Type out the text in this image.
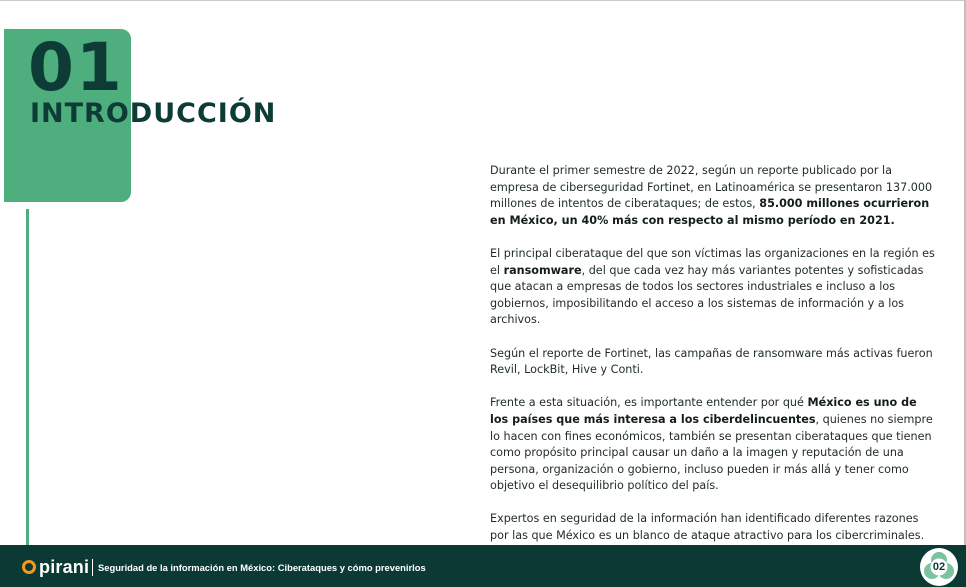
01
INTRODUCCIÓN

Durante el primer semestre de 2022, según un reporte publicado por la empresa de ciberseguridad Fortinet, en Latinoamérica se presentaron 137.000 millones de intentos de ciberataques; de estos, 85.000 millones ocurrieron en México, un 40% más con respecto al mismo período en 2021.

El principal ciberataque del que son víctimas las organizaciones en la región es el ransomware, del que cada vez hay más variantes potentes y sofisticadas que atacan a empresas de todos los sectores industriales e incluso a los gobiernos, imposibilitando el acceso a los sistemas de información y a los archivos.

Según el reporte de Fortinet, las campañas de ransomware más activas fueron Revil, LockBit, Hive y Conti.

Frente a esta situación, es importante entender por qué México es uno de los países que más interesa a los ciberdelincuentes, quienes no siempre lo hacen con fines económicos, también se presentan ciberataques que tienen como propósito principal causar un daño a la imagen y reputación de una persona, organización o gobierno, incluso pueden ir más allá y tener como objetivo el desequilibrio político del país.

Expertos en seguridad de la información han identificado diferentes razones por las que México es un blanco de ataque atractivo para los cibercriminales.

pirani Seguridad de la información en México: Ciberataques y cómo prevenirlos	02
